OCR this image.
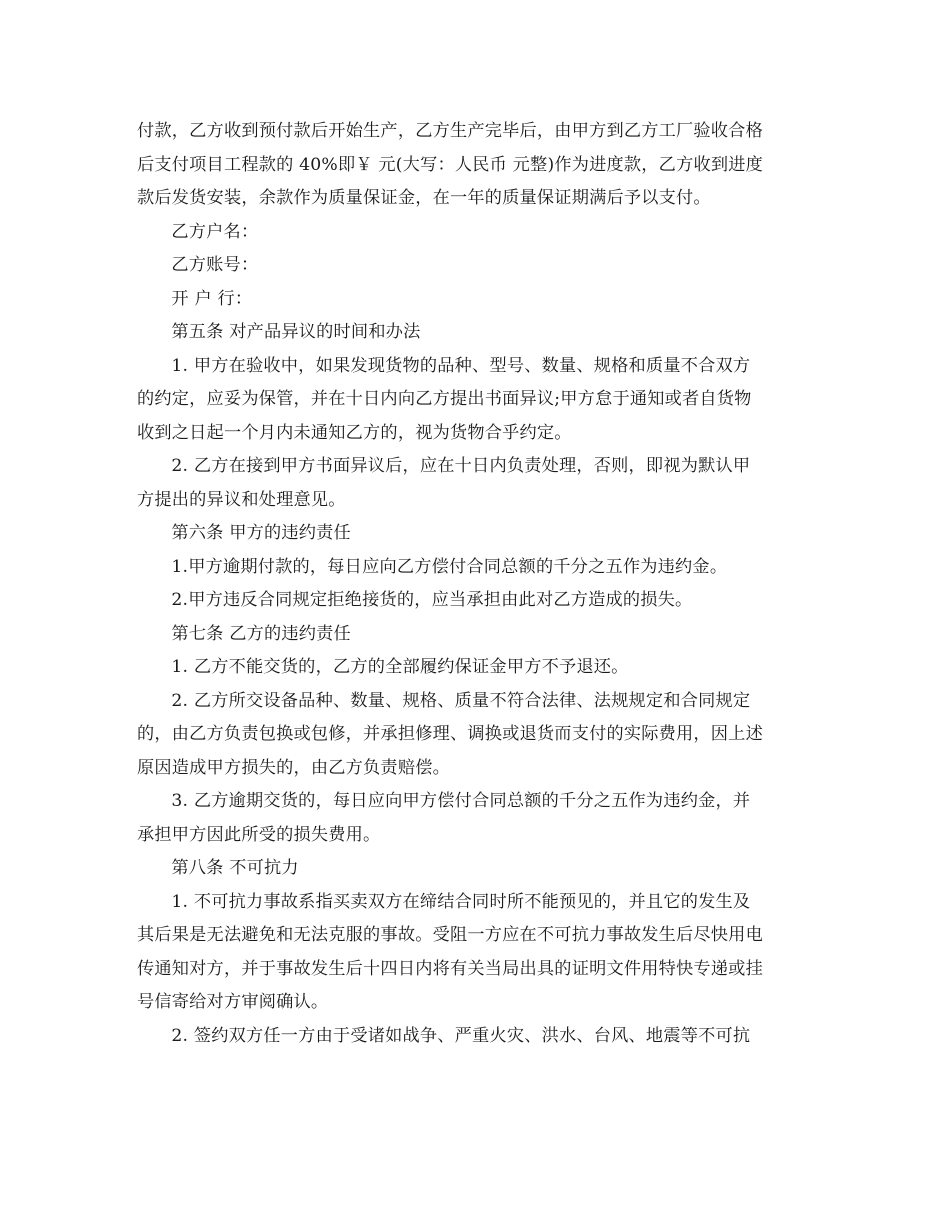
付款，乙方收到预付款后开始生产，乙方生产完毕后，由甲方到乙方工厂验收合格
后支付项目工程款的 40%即￥ 元(大写：人民币 元整)作为进度款，乙方收到进度
款后发货安装，余款作为质量保证金，在一年的质量保证期满后予以支付。
乙方户名：
乙方账号：
开 户 行：
第五条 对产品异议的时间和办法
1. 甲方在验收中，如果发现货物的品种、型号、数量、规格和质量不合双方
的约定，应妥为保管，并在十日内向乙方提出书面异议;甲方怠于通知或者自货物
收到之日起一个月内未通知乙方的，视为货物合乎约定。
2. 乙方在接到甲方书面异议后，应在十日内负责处理，否则，即视为默认甲
方提出的异议和处理意见。
第六条 甲方的违约责任
1.甲方逾期付款的，每日应向乙方偿付合同总额的千分之五作为违约金。
2.甲方违反合同规定拒绝接货的，应当承担由此对乙方造成的损失。
第七条 乙方的违约责任
1. 乙方不能交货的，乙方的全部履约保证金甲方不予退还。
2. 乙方所交设备品种、数量、规格、质量不符合法律、法规规定和合同规定
的，由乙方负责包换或包修，并承担修理、调换或退货而支付的实际费用，因上述
原因造成甲方损失的，由乙方负责赔偿。
3. 乙方逾期交货的，每日应向甲方偿付合同总额的千分之五作为违约金，并
承担甲方因此所受的损失费用。
第八条 不可抗力
1. 不可抗力事故系指买卖双方在缔结合同时所不能预见的，并且它的发生及
其后果是无法避免和无法克服的事故。受阻一方应在不可抗力事故发生后尽快用电
传通知对方，并于事故发生后十四日内将有关当局出具的证明文件用特快专递或挂
号信寄给对方审阅确认。
2. 签约双方任一方由于受诸如战争、严重火灾、洪水、台风、地震等不可抗
